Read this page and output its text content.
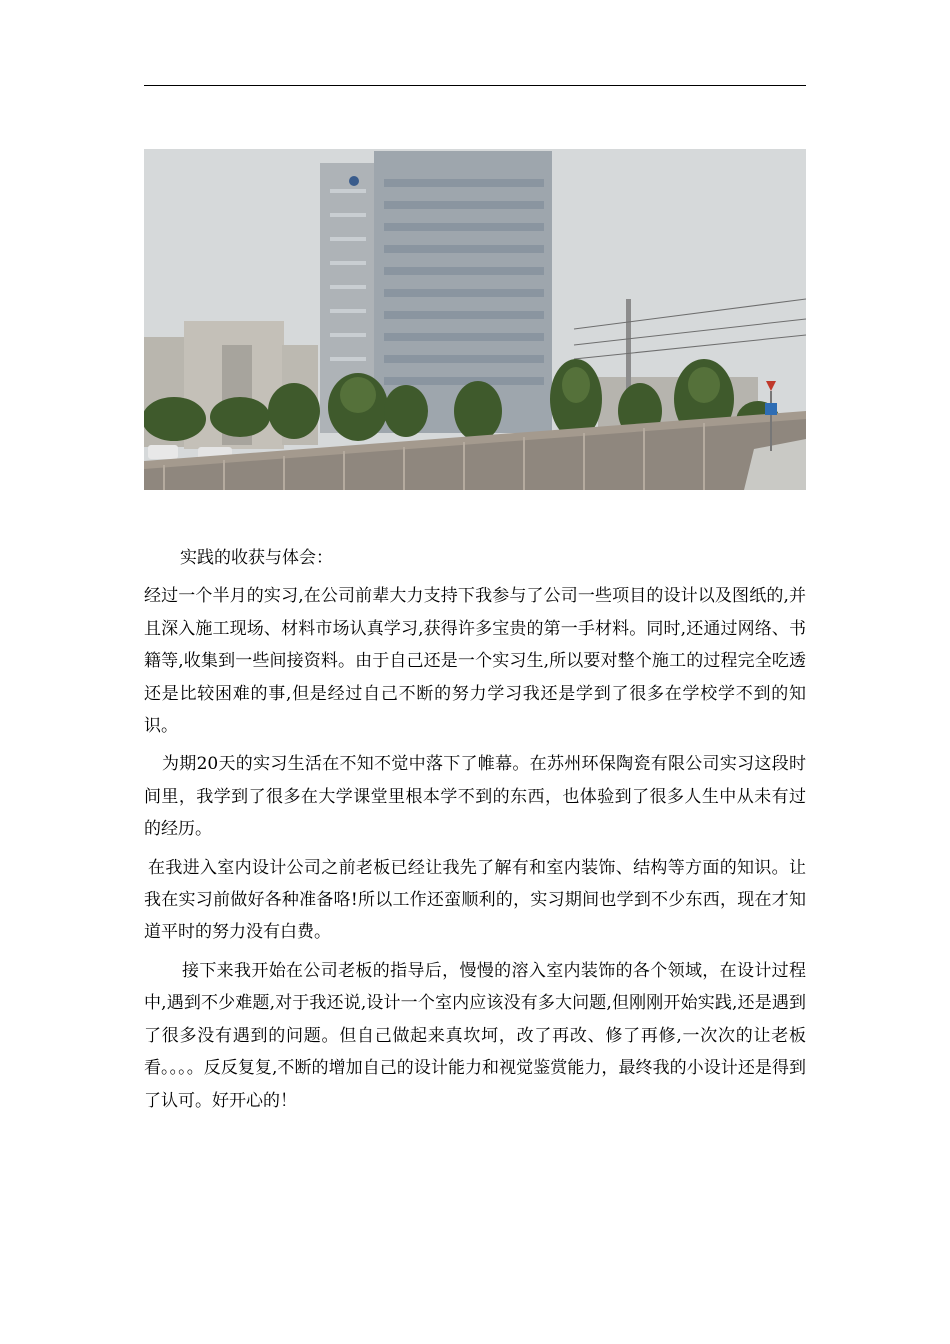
实践的收获与体会：

经过一个半月的实习,在公司前辈大力支持下我参与了公司一些项目的设计以及图纸的,并且深入施工现场、材料市场认真学习,获得许多宝贵的第一手材料。同时,还通过网络、书籍等,收集到一些间接资料。由于自己还是一个实习生,所以要对整个施工的过程完全吃透还是比较困难的事,但是经过自己不断的努力学习我还是学到了很多在学校学不到的知识。

为期20天的实习生活在不知不觉中落下了帷幕。在苏州环保陶瓷有限公司实习这段时间里，我学到了很多在大学课堂里根本学不到的东西，也体验到了很多人生中从未有过的经历。

在我进入室内设计公司之前老板已经让我先了解有和室内装饰、结构等方面的知识。让我在实习前做好各种准备咯!所以工作还蛮顺利的，实习期间也学到不少东西，现在才知道平时的努力没有白费。

接下来我开始在公司老板的指导后，慢慢的溶入室内装饰的各个领域，在设计过程中,遇到不少难题,对于我还说,设计一个室内应该没有多大问题,但刚刚开始实践,还是遇到了很多没有遇到的问题。但自己做起来真坎坷，改了再改、修了再修,一次次的让老板看。。。。反反复复,不断的增加自己的设计能力和视觉鉴赏能力，最终我的小设计还是得到了认可。好开心的！
